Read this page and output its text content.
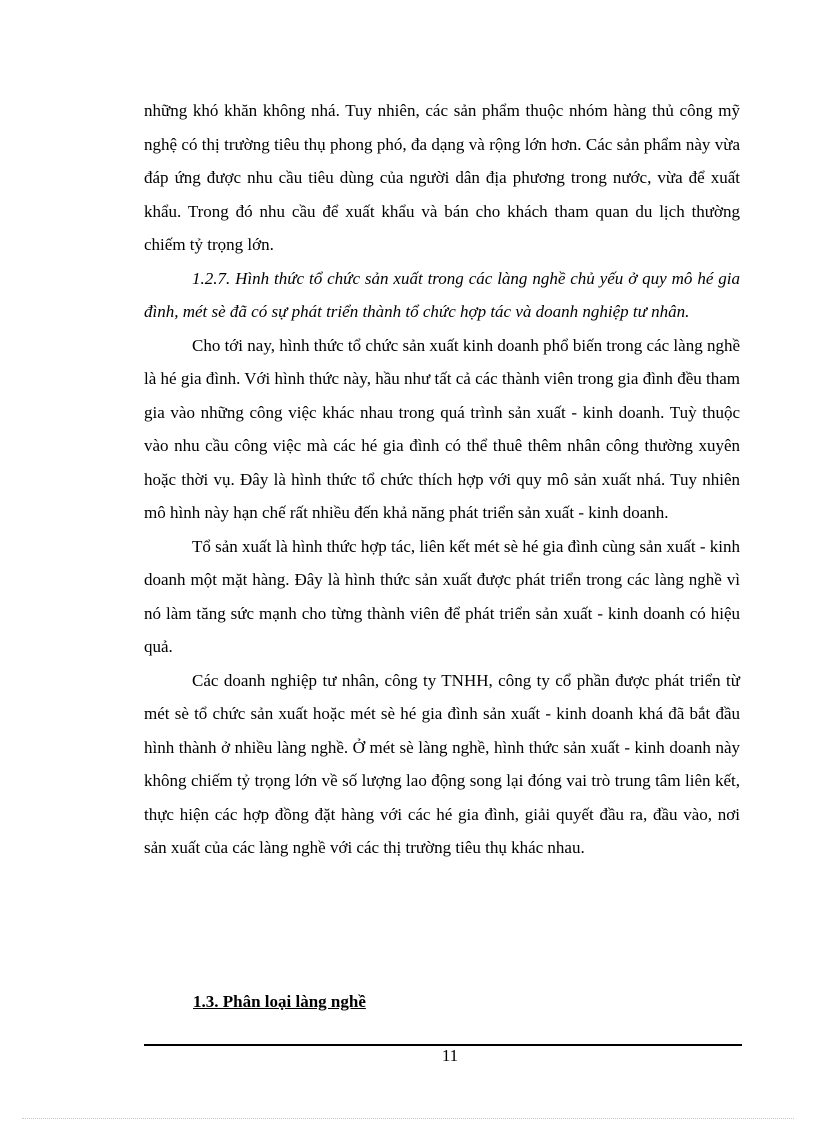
những khó khăn không nhá. Tuy nhiên, các sản phẩm thuộc nhóm hàng thủ công mỹ nghệ có thị trường tiêu thụ phong phó, đa dạng và rộng lớn hơn. Các sản phẩm này vừa đáp ứng được nhu cầu tiêu dùng của người dân địa phương trong nước, vừa để xuất khẩu. Trong đó nhu cầu để xuất khẩu và bán cho khách tham quan du lịch thường chiếm tỷ trọng lớn.

1.2.7. Hình thức tổ chức sản xuất trong các làng nghề chủ yếu ở quy mô hé gia đình, mét sè đã có sự phát triển thành tổ chức hợp tác và doanh nghiệp tư nhân.

Cho tới nay, hình thức tổ chức sản xuất kinh doanh phổ biến trong các làng nghề là hé gia đình. Với hình thức này, hầu như tất cả các thành viên trong gia đình đều tham gia vào những công việc khác nhau trong quá trình sản xuất - kinh doanh. Tuỳ thuộc vào nhu cầu công việc mà các hé gia đình có thể thuê thêm nhân công thường xuyên hoặc thời vụ. Đây là hình thức tổ chức thích hợp với quy mô sản xuất nhá. Tuy nhiên mô hình này hạn chế rất nhiều đến khả năng phát triển sản xuất - kinh doanh.

Tổ sản xuất là hình thức hợp tác, liên kết mét sè hé gia đình cùng sản xuất - kinh doanh một mặt hàng. Đây là hình thức sản xuất được phát triển trong các làng nghề vì nó làm tăng sức mạnh cho từng thành viên để phát triển sản xuất - kinh doanh có hiệu quả.

Các doanh nghiệp tư nhân, công ty TNHH, công ty cổ phần được phát triển từ mét sè tổ chức sản xuất hoặc mét sè hé gia đình sản xuất - kinh doanh khá đã bắt đầu hình thành ở nhiều làng nghề. Ở mét sè làng nghề, hình thức sản xuất - kinh doanh này không chiếm tỷ trọng lớn về số lượng lao động song lại đóng vai trò trung tâm liên kết, thực hiện các hợp đồng đặt hàng với các hé gia đình, giải quyết đầu ra, đầu vào, nơi sản xuất của các làng nghề với các thị trường tiêu thụ khác nhau.

1.3. Phân loại làng nghề
11
